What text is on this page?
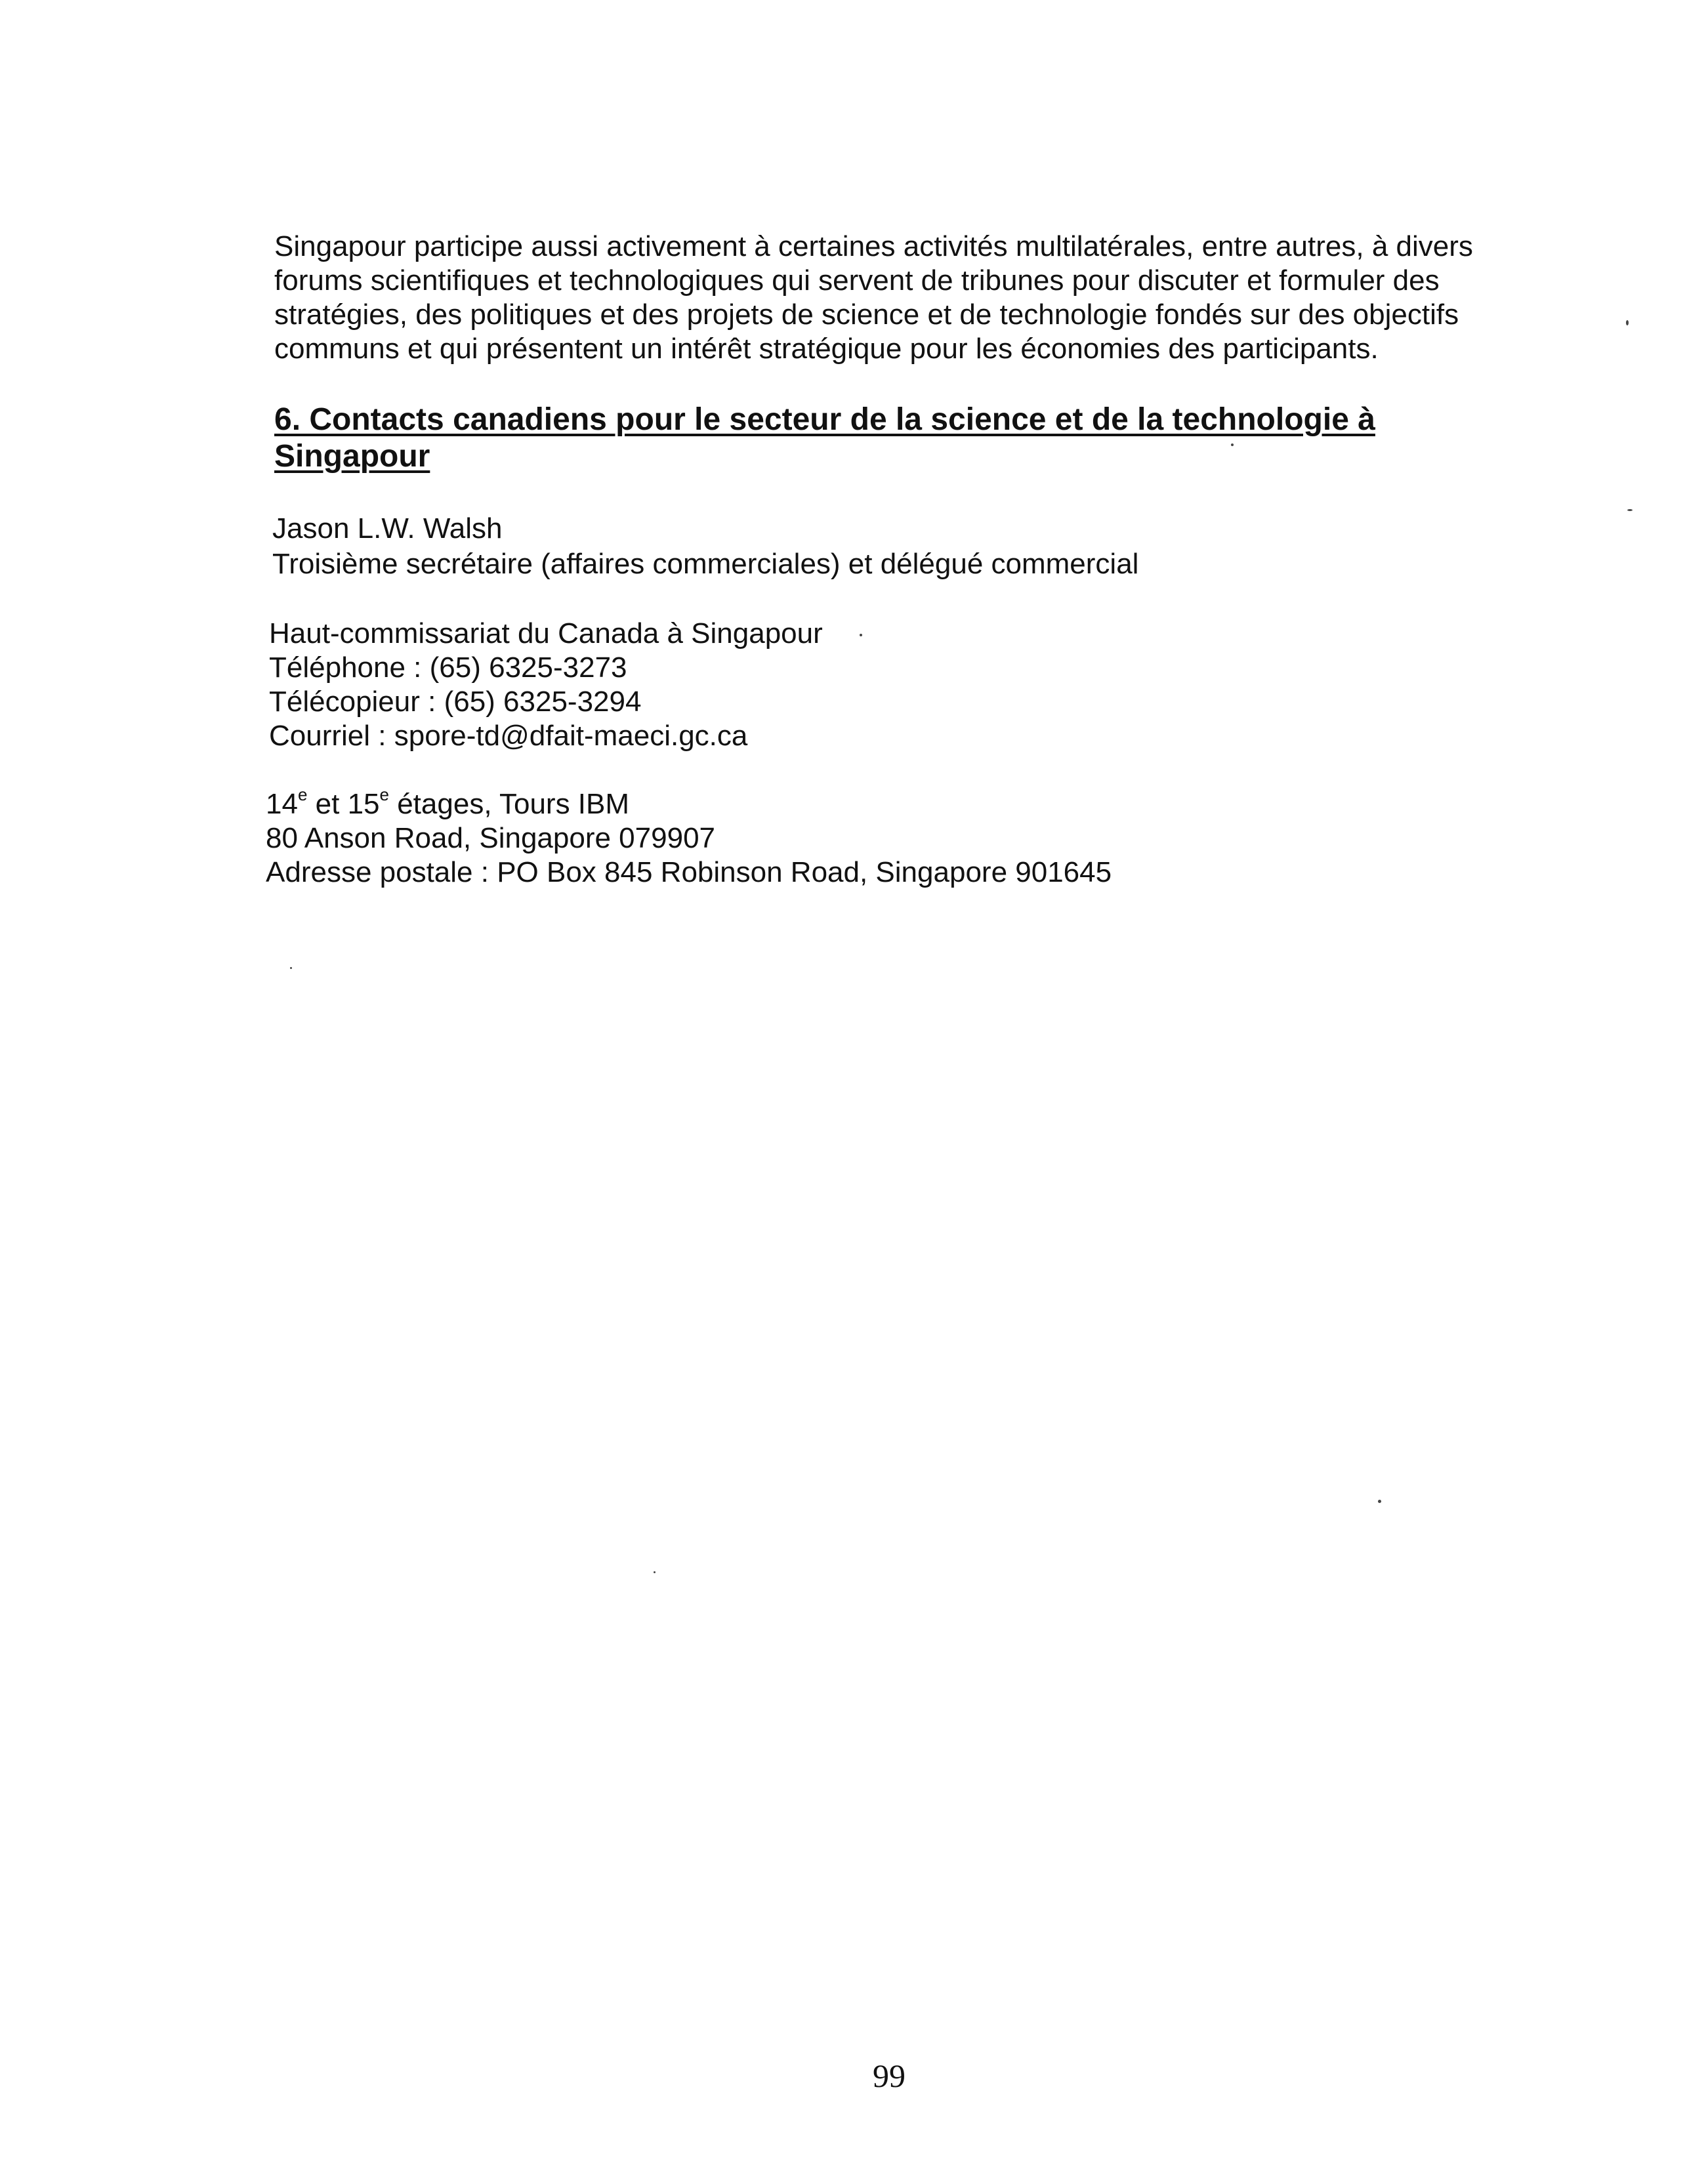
Singapour participe aussi activement à certaines activités multilatérales, entre autres, à divers
forums scientifiques et technologiques qui servent de tribunes pour discuter et formuler des
stratégies, des politiques et des projets de science et de technologie fondés sur des objectifs
communs et qui présentent un intérêt stratégique pour les économies des participants.
6. Contacts canadiens pour le secteur de la science et de la technologie à
Singapour
Jason L.W. Walsh
Troisième secrétaire (affaires commerciales) et délégué commercial
Haut-commissariat du Canada à Singapour
Téléphone : (65) 6325-3273
Télécopieur : (65) 6325-3294
Courriel : spore-td@dfait-maeci.gc.ca
14e et 15e étages, Tours IBM
80 Anson Road, Singapore 079907
Adresse postale : PO Box 845 Robinson Road, Singapore 901645
99
